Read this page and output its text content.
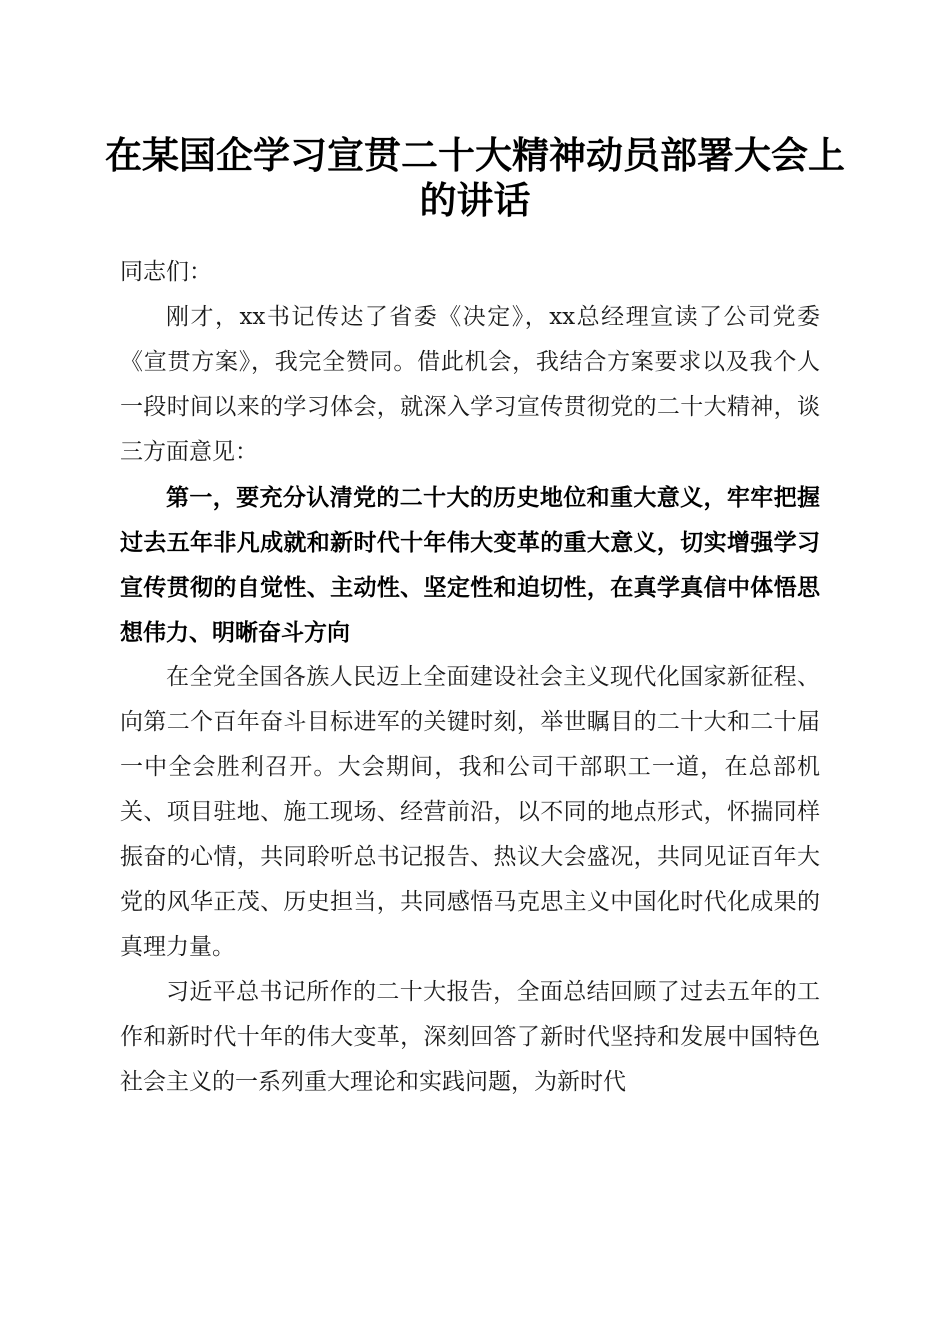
在某国企学习宣贯二十大精神动员部署大会上的讲话

同志们：

刚才，xx书记传达了省委《决定》，xx总经理宣读了公司党委《宣贯方案》，我完全赞同。借此机会，我结合方案要求以及我个人一段时间以来的学习体会，就深入学习宣传贯彻党的二十大精神，谈三方面意见：

第一，要充分认清党的二十大的历史地位和重大意义，牢牢把握过去五年非凡成就和新时代十年伟大变革的重大意义，切实增强学习宣传贯彻的自觉性、主动性、坚定性和迫切性，在真学真信中体悟思想伟力、明晰奋斗方向

在全党全国各族人民迈上全面建设社会主义现代化国家新征程、向第二个百年奋斗目标进军的关键时刻，举世瞩目的二十大和二十届一中全会胜利召开。大会期间，我和公司干部职工一道，在总部机关、项目驻地、施工现场、经营前沿，以不同的地点形式，怀揣同样振奋的心情，共同聆听总书记报告、热议大会盛况，共同见证百年大党的风华正茂、历史担当，共同感悟马克思主义中国化时代化成果的真理力量。

习近平总书记所作的二十大报告，全面总结回顾了过去五年的工作和新时代十年的伟大变革，深刻回答了新时代坚持和发展中国特色社会主义的一系列重大理论和实践问题，为新时代
